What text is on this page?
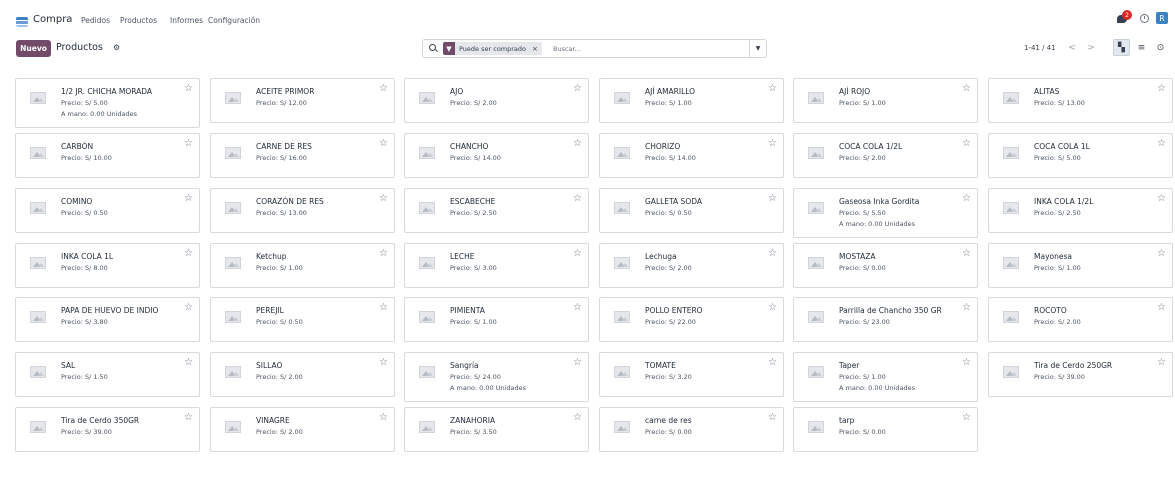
Compra Pedidos Productos Informes Configuración
2	R
Nuevo Productos ⚙	▼	Puede ser comprado ×
Buscar...	▼	1-41 / 41	<	>	▚	≡	⊙
1/2 JR. CHICHA MORADA
Precio: S/ 5.00
A mano: 0.00 Unidades
☆	ACEITE PRIMOR
Precio: S/ 12.00
☆	AJO
Precio: S/ 2.00
☆	AJÍ AMARILLO
Precio: S/ 1.00
☆	AJÍ ROJO
Precio: S/ 1.00
☆	ALITAS
Precio: S/ 13.00
☆
CARBÓN
Precio: S/ 10.00
☆	CARNE DE RES
Precio: S/ 16.00
☆	CHANCHO
Precio: S/ 14.00
☆	CHORIZO
Precio: S/ 14.00
☆	COCA COLA 1/2L
Precio: S/ 2.00
☆	COCA COLA 1L
Precio: S/ 5.00
☆
COMINO
Precio: S/ 0.50
☆	CORAZÓN DE RES
Precio: S/ 13.00
☆	ESCABECHE
Precio: S/ 2.50
☆	GALLETA SODA
Precio: S/ 0.50
☆	Gaseosa Inka Gordita
Precio: S/ 5.50
A mano: 0.00 Unidades
☆	INKA COLA 1/2L
Precio: S/ 2.50
☆
INKA COLA 1L
Precio: S/ 8.00
☆	Ketchup
Precio: S/ 1.00
☆	LECHE
Precio: S/ 3.00
☆	Lechuga
Precio: S/ 2.00
☆	MOSTAZA
Precio: S/ 0.00
☆	Mayonesa
Precio: S/ 1.00
☆
PAPA DE HUEVO DE INDIO
Precio: S/ 3.80
☆	PEREJIL
Precio: S/ 0.50
☆	PIMIENTA
Precio: S/ 1.00
☆	POLLO ENTERO
Precio: S/ 22.00
☆	Parrilla de Chancho 350 GR
Precio: S/ 23.00
☆	ROCOTO
Precio: S/ 2.00
☆
SAL
Precio: S/ 1.50
☆	SILLAO
Precio: S/ 2.00
☆	Sangría
Precio: S/ 24.00
A mano: 0.00 Unidades
☆	TOMATE
Precio: S/ 3.20
☆	Taper
Precio: S/ 1.00
A mano: 0.00 Unidades
☆	Tira de Cerdo 250GR
Precio: S/ 39.00
☆
Tira de Cerdo 350GR
Precio: S/ 39.00
☆	VINAGRE
Precio: S/ 2.00
☆	ZANAHORIA
Precio: S/ 3.50
☆	carne de res
Precio: S/ 0.00
☆	tarp
Precio: S/ 0.00
☆
